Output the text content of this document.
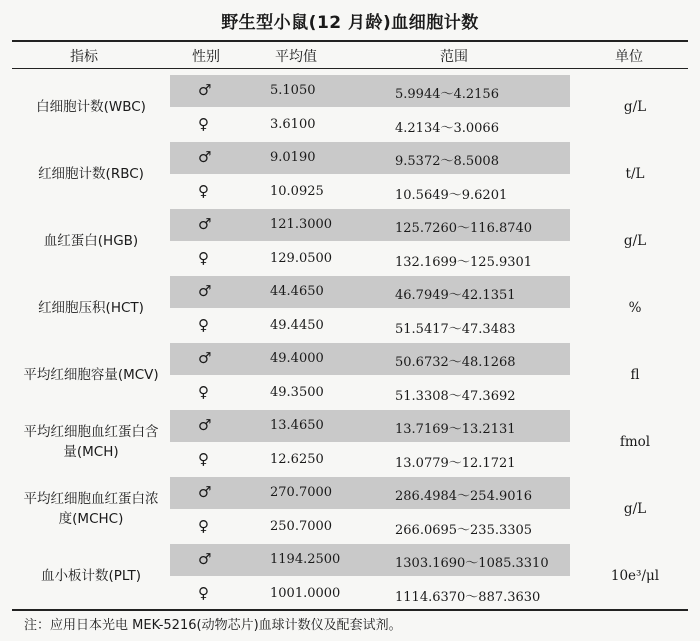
野生型小鼠(12 月龄)血细胞计数
指标	性别	平均值	范围	单位
白细胞计数(WBC)
♂	5.1050	5.9944～4.2156
♀	3.6100	4.2134～3.0066
g/L
红细胞计数(RBC)
♂	9.0190	9.5372～8.5008
♀	10.0925	10.5649～9.6201
t/L
血红蛋白(HGB)
♂	121.3000	125.7260～116.8740
♀	129.0500	132.1699～125.9301
g/L
红细胞压积(HCT)
♂	44.4650	46.7949～42.1351
♀	49.4450	51.5417～47.3483
%
平均红细胞容量(MCV)
♂	49.4000	50.6732～48.1268
♀	49.3500	51.3308～47.3692
fl
平均红细胞血红蛋白含量(MCH)
♂	13.4650	13.7169～13.2131
♀	12.6250	13.0779～12.1721
fmol
平均红细胞血红蛋白浓度(MCHC)
♂	270.7000	286.4984～254.9016
♀	250.7000	266.0695～235.3305
g/L
血小板计数(PLT)
♂	1194.2500	1303.1690～1085.3310
♀	1001.0000	1114.6370～887.3630
10e³/μl
注：应用日本光电 MEK-5216(动物芯片)血球计数仪及配套试剂。
